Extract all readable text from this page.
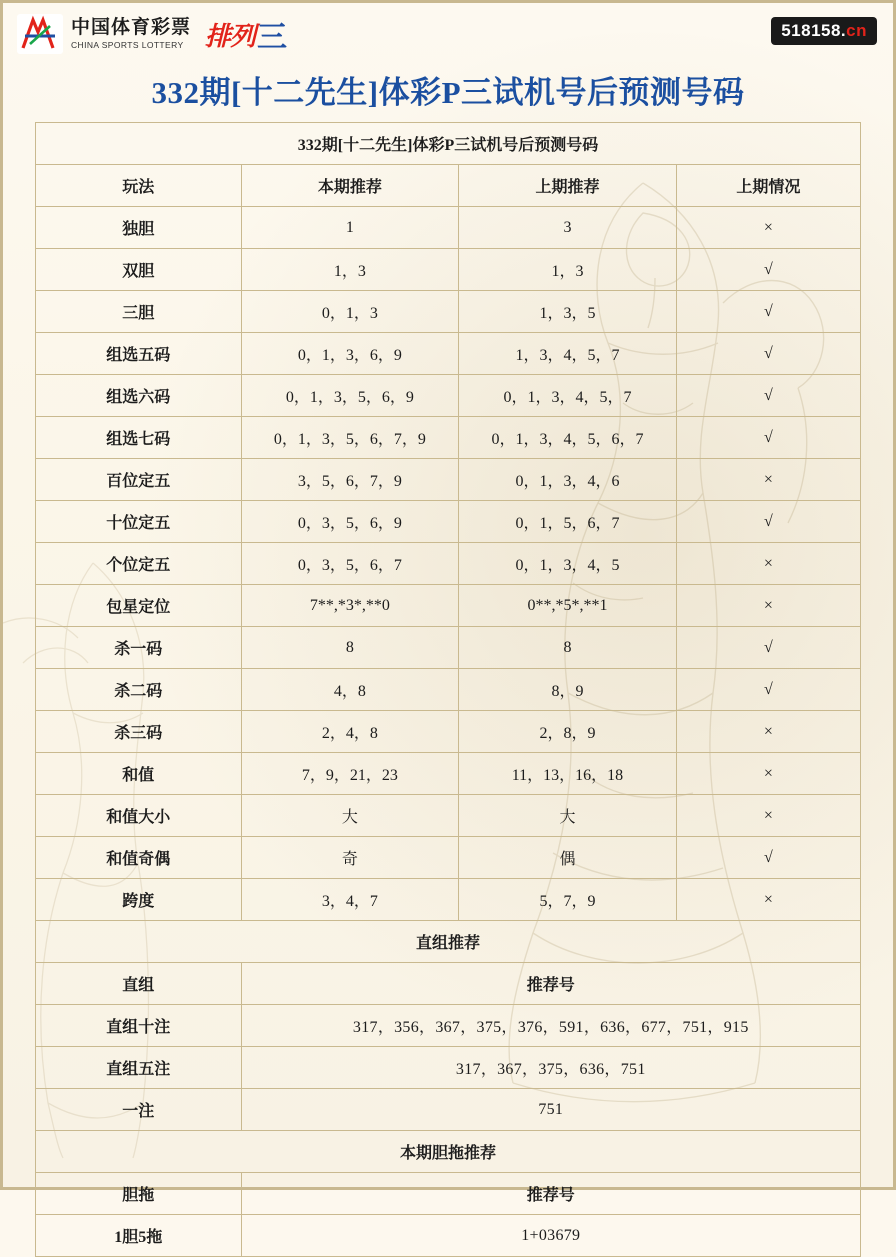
中国体育彩票
CHINA SPORTS LOTTERY 排列 三	518158.cn
332期[十二先生]体彩P三试机号后预测号码
332期[十二先生]体彩P三试机号后预测号码			
玩法	本期推荐	上期推荐	上期情况
独胆	1	3	×
双胆	1，3	1，3	√
三胆	0，1，3	1，3，5	√
组选五码	0，1，3，6，9	1，3，4，5，7	√
组选六码	0，1，3，5，6，9	0，1，3，4，5，7	√
组选七码	0，1，3，5，6，7，9	0，1，3，4，5，6，7	√
百位定五	3，5，6，7，9	0，1，3，4，6	×
十位定五	0，3，5，6，9	0，1，5，6，7	√
个位定五	0，3，5，6，7	0，1，3，4，5	×
包星定位	7**,*3*,**0	0**,*5*,**1	×
杀一码	8	8	√
杀二码	4，8	8，9	√
杀三码	2，4，8	2，8，9	×
和值	7，9，21，23	11，13，16，18	×
和值大小	大	大	×
和值奇偶	奇	偶	√
跨度	3，4，7	5，7，9	×
直组推荐			
直组	推荐号		
直组十注	317，356，367，375，376，591，636，677，751，915		
直组五注	317，367，375，636，751		
一注	751		
本期胆拖推荐			
胆拖	推荐号		
1胆5拖	1+03679		
